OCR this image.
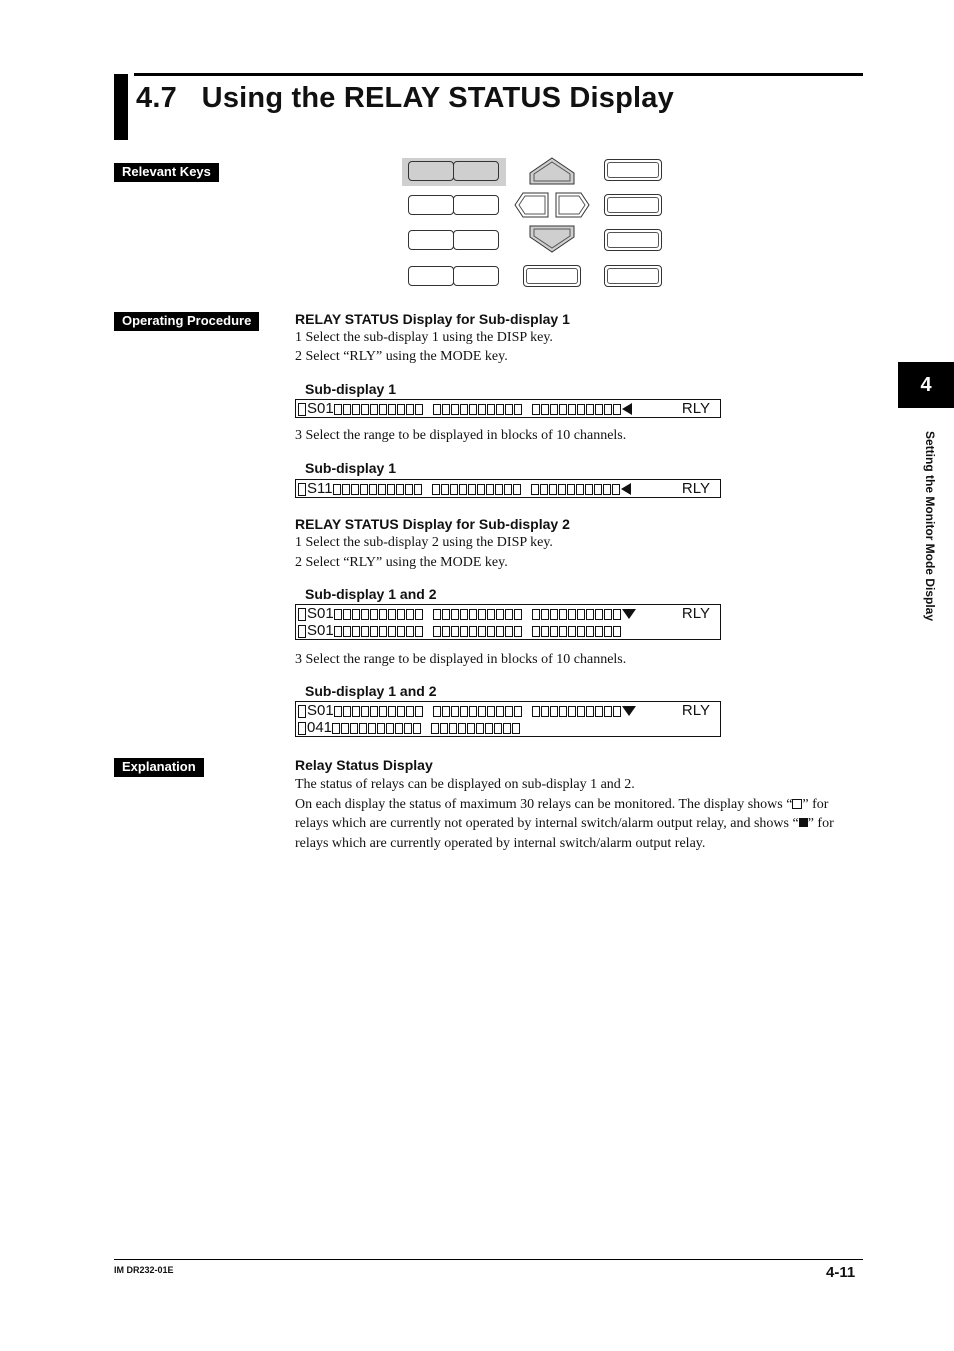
4.7   Using the RELAY STATUS Display
Relevant Keys
Operating Procedure	RELAY STATUS Display for Sub-display 1
1 Select the sub-display 1 using the DISP key.
2 Select “RLY” using the MODE key.
Sub-display 1
S01	RLY
3 Select the range to be displayed in blocks of 10 channels.
Sub-display 1
S11	RLY
RELAY STATUS Display for Sub-display 2
1 Select the sub-display 2 using the DISP key.
2 Select “RLY” using the MODE key.
Sub-display 1 and 2
S01	RLY
S01
3 Select the range to be displayed in blocks of 10 channels.
Sub-display 1 and 2
S01	RLY
041
Explanation	Relay Status Display
The status of relays can be displayed on sub-display 1 and 2.
On each display the status of maximum 30 relays can be monitored. The display shows “ ” for relays which are currently not operated by internal switch/alarm output relay, and shows “ ” for relays which are currently operated by internal switch/alarm output relay.
4
Setting the Monitor Mode Display
IM DR232-01E	4-11
